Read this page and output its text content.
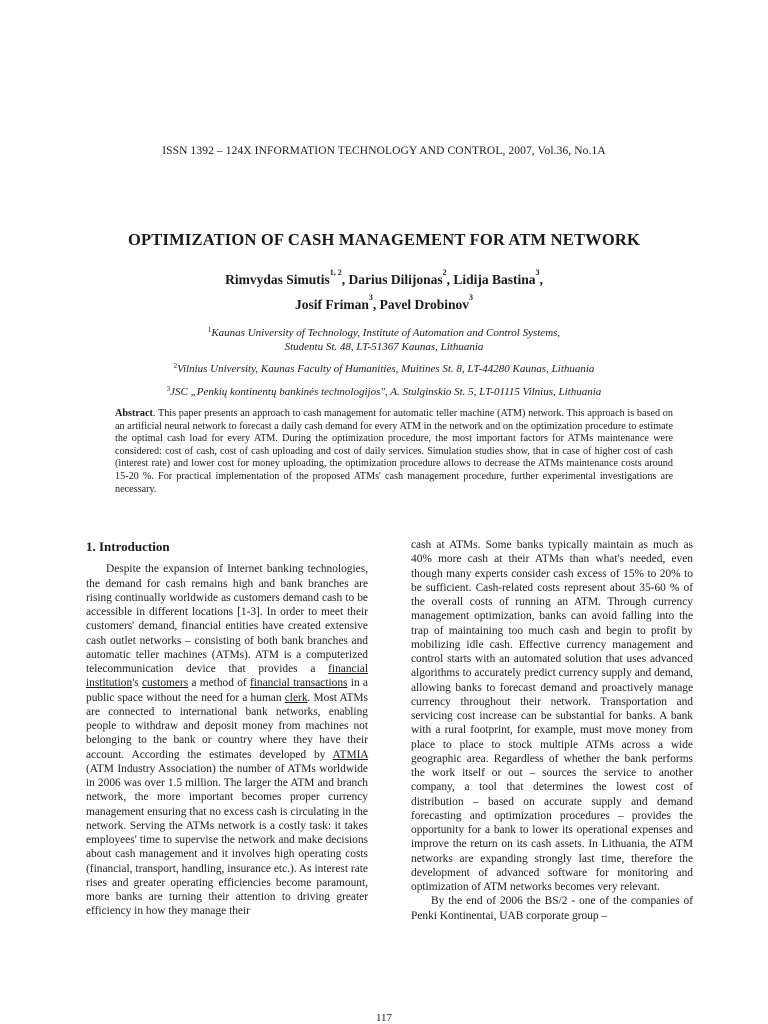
ISSN 1392 – 124X INFORMATION TECHNOLOGY AND CONTROL, 2007, Vol.36, No.1A
OPTIMIZATION OF CASH MANAGEMENT FOR ATM NETWORK
Rimvydas Simutis$^{1, 2}$, Darius Dilijonas$^2$, Lidija Bastina$^3$,
Josif Friman$^3$, Pavel Drobinov$^3$
$^1$Kaunas University of Technology, Institute of Automation and Control Systems,
Studentu St. 48, LT-51367 Kaunas, Lithuania
$^2$Vilnius University, Kaunas Faculty of Humanities, Muitines St. 8, LT-44280 Kaunas, Lithuania
$^3$JSC „Penkių kontinentų bankinės technologijos", A. Stulginskio St. 5, LT-01115 Vilnius, Lithuania
Abstract. This paper presents an approach to cash management for automatic teller machine (ATM) network. This approach is based on an artificial neural network to forecast a daily cash demand for every ATM in the network and on the optimization procedure to estimate the optimal cash load for every ATM. During the optimization procedure, the most important factors for ATMs maintenance were considered: cost of cash, cost of cash uploading and cost of daily services. Simulation studies show, that in case of higher cost of cash (interest rate) and lower cost for money uploading, the optimization procedure allows to decrease the ATMs maintenance costs around 15-20 %. For practical implementation of the proposed ATMs' cash management procedure, further experimental investigations are necessary.
1. Introduction

Despite the expansion of Internet banking technologies, the demand for cash remains high and bank branches are rising continually worldwide as customers demand cash to be accessible in different locations [1-3]. In order to meet their customers' demand, financial entities have created extensive cash outlet networks – consisting of both bank branches and automatic teller machines (ATMs). ATM is a computerized telecommunication device that provides a financial institution's customers a method of financial transactions in a public space without the need for a human clerk. Most ATMs are connected to international bank networks, enabling people to withdraw and deposit money from machines not belonging to the bank or country where they have their account. According the estimates developed by ATMIA (ATM Industry Association) the number of ATMs worldwide in 2006 was over 1.5 million. The larger the ATM and branch network, the more important becomes proper currency management ensuring that no excess cash is circulating in the network. Serving the ATMs network is a costly task: it takes employees' time to supervise the network and make decisions about cash management and it involves high operating costs (financial, transport, handling, insurance etc.). As interest rate rises and greater operating efficiencies become paramount, more banks are turning their attention to driving greater efficiency in how they manage their

cash at ATMs. Some banks typically maintain as much as 40% more cash at their ATMs than what's needed, even though many experts consider cash excess of 15% to 20% to be sufficient. Cash-related costs represent about 35-60 % of the overall costs of running an ATM. Through currency management optimization, banks can avoid falling into the trap of maintaining too much cash and begin to profit by mobilizing idle cash. Effective currency management and control starts with an automated solution that uses advanced algorithms to accurately predict currency supply and demand, allowing banks to forecast demand and proactively manage currency throughout their network. Transportation and servicing cost increase can be substantial for banks. A bank with a rural footprint, for example, must move money from place to place to stock multiple ATMs across a wide geographic area. Regardless of whether the bank performs the work itself or out – sources the service to another company, a tool that determines the lowest cost of distribution – based on accurate supply and demand forecasting and optimization procedures – provides the opportunity for a bank to lower its operational expenses and improve the return on its cash assets. In Lithuania, the ATM networks are expanding strongly last time, therefore the development of advanced software for monitoring and optimization of ATM networks becomes very relevant.

By the end of 2006 the BS/2 - one of the companies of Penki Kontinentai, UAB corporate group –

117
